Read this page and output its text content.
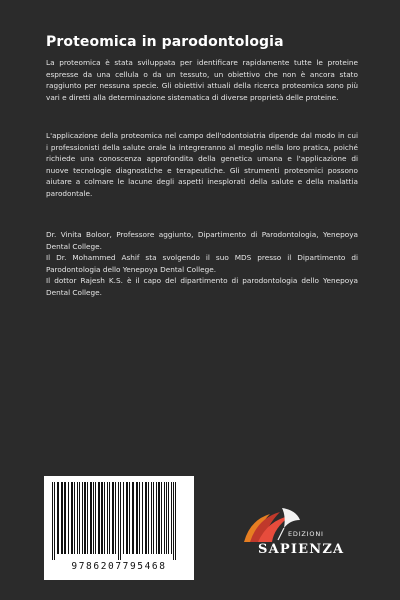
Proteomica in parodontologia
La proteomica è stata sviluppata per identificare rapidamente tutte le proteine espresse da una cellula o da un tessuto, un obiettivo che non è ancora stato raggiunto per nessuna specie. Gli obiettivi attuali della ricerca proteomica sono più vari e diretti alla determinazione sistematica di diverse proprietà delle proteine.
L'applicazione della proteomica nel campo dell'odontoiatria dipende dal modo in cui i professionisti della salute orale la integreranno al meglio nella loro pratica, poiché richiede una conoscenza approfondita della genetica umana e l'applicazione di nuove tecnologie diagnostiche e terapeutiche. Gli strumenti proteomici possono aiutare a colmare le lacune degli aspetti inesplorati della salute e della malattia parodontale.
Dr. Vinita Boloor, Professore aggiunto, Dipartimento di Parodontologia, Yenepoya Dental College.
Il Dr. Mohammed Ashif sta svolgendo il suo MDS presso il Dipartimento di Parodontologia dello Yenepoya Dental College.
Il dottor Rajesh K.S. è il capo del dipartimento di parodontologia dello Yenepoya Dental College.
9786207795468
EDIZIONI
SAPIENZA
